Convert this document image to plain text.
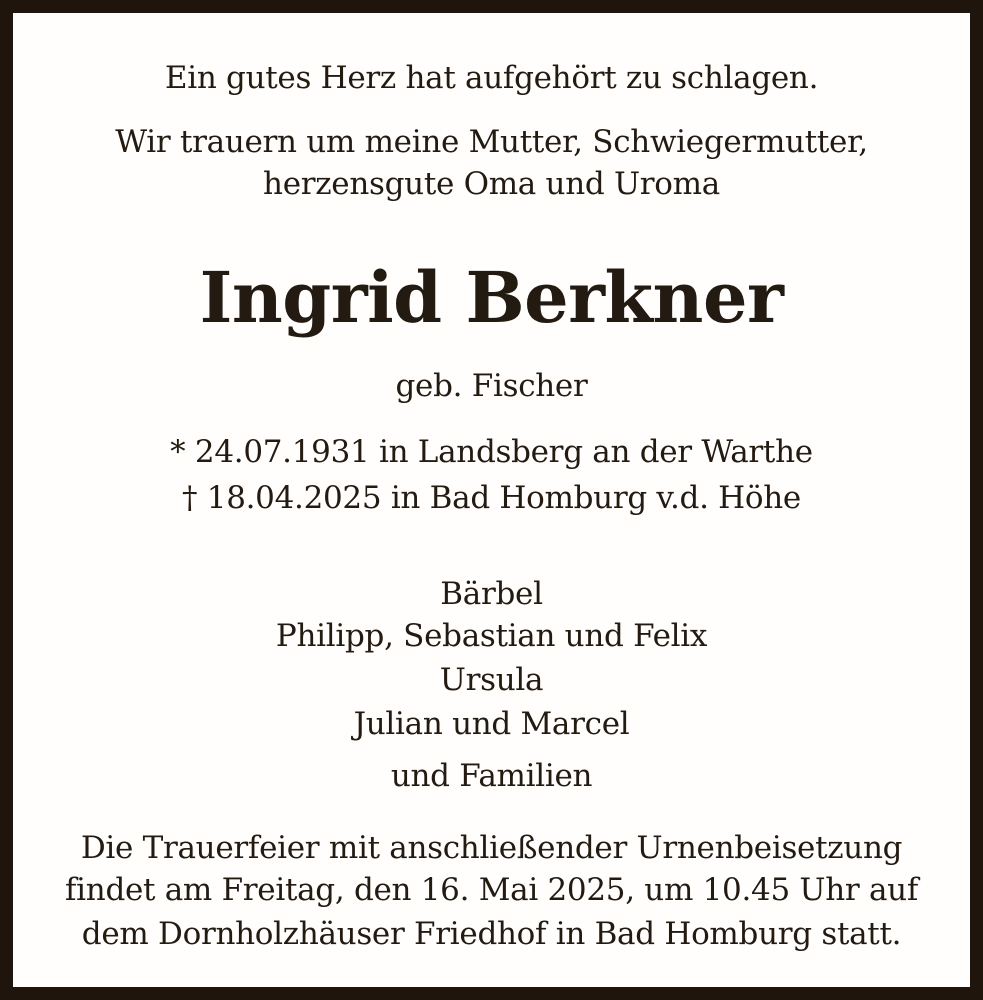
Ein gutes Herz hat aufgehört zu schlagen.
Wir trauern um meine Mutter, Schwiegermutter,
herzensgute Oma und Uroma
Ingrid Berkner
geb. Fischer
* 24.07.1931 in Landsberg an der Warthe
† 18.04.2025 in Bad Homburg v.d. Höhe
Bärbel
Philipp, Sebastian und Felix
Ursula
Julian und Marcel
und Familien
Die Trauerfeier mit anschließender Urnenbeisetzung
findet am Freitag, den 16. Mai 2025, um 10.45 Uhr auf
dem Dornholzhäuser Friedhof in Bad Homburg statt.
